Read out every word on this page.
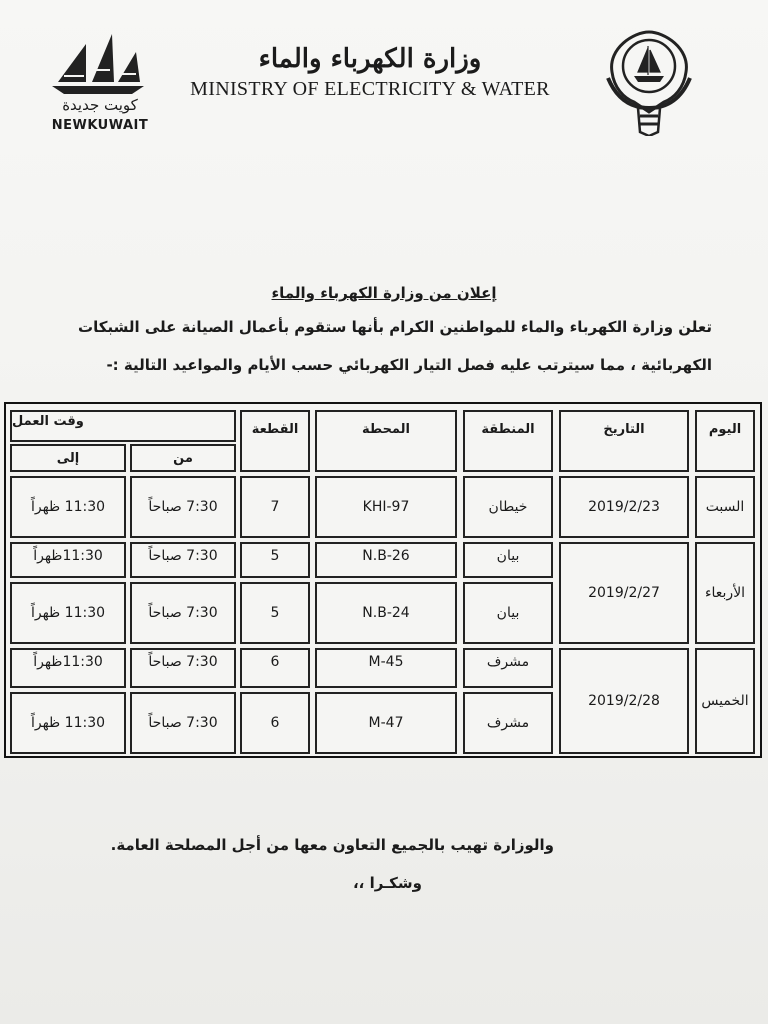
كويت جديدة
NEWKUWAIT
وزارة الكهرباء والماء
MINISTRY OF ELECTRICITY & WATER
إعلان من وزارة الكهرباء والماء
تعلن وزارة الكهرباء والماء للمواطنين الكرام بأنها ستقوم بأعمال الصيانة على الشبكات
الكهربائية ، مما سيترتب عليه فصل التيار الكهربائي حسب الأيام والمواعيد التالية :-
اليوم
التاريخ
المنطقة
المحطة
القطعة
وقت العمل
من
إلى
السبت
2019/2/23
الأربعاء
2019/2/27
الخميس
2019/2/28
خيطان
KHI-97
7
7:30 صباحاً
11:30 ظهراً
بيان
N.B-26
5
7:30 صباحاً
11:30ظهراً
بيان
N.B-24
5
7:30 صباحاً
11:30 ظهراً
مشرف
M-45
6
7:30 صباحاً
11:30ظهراً
مشرف
M-47
6
7:30 صباحاً
11:30 ظهراً
والوزارة تهيب بالجميع التعاون معها من أجل المصلحة العامة.
وشكـرا ،،
